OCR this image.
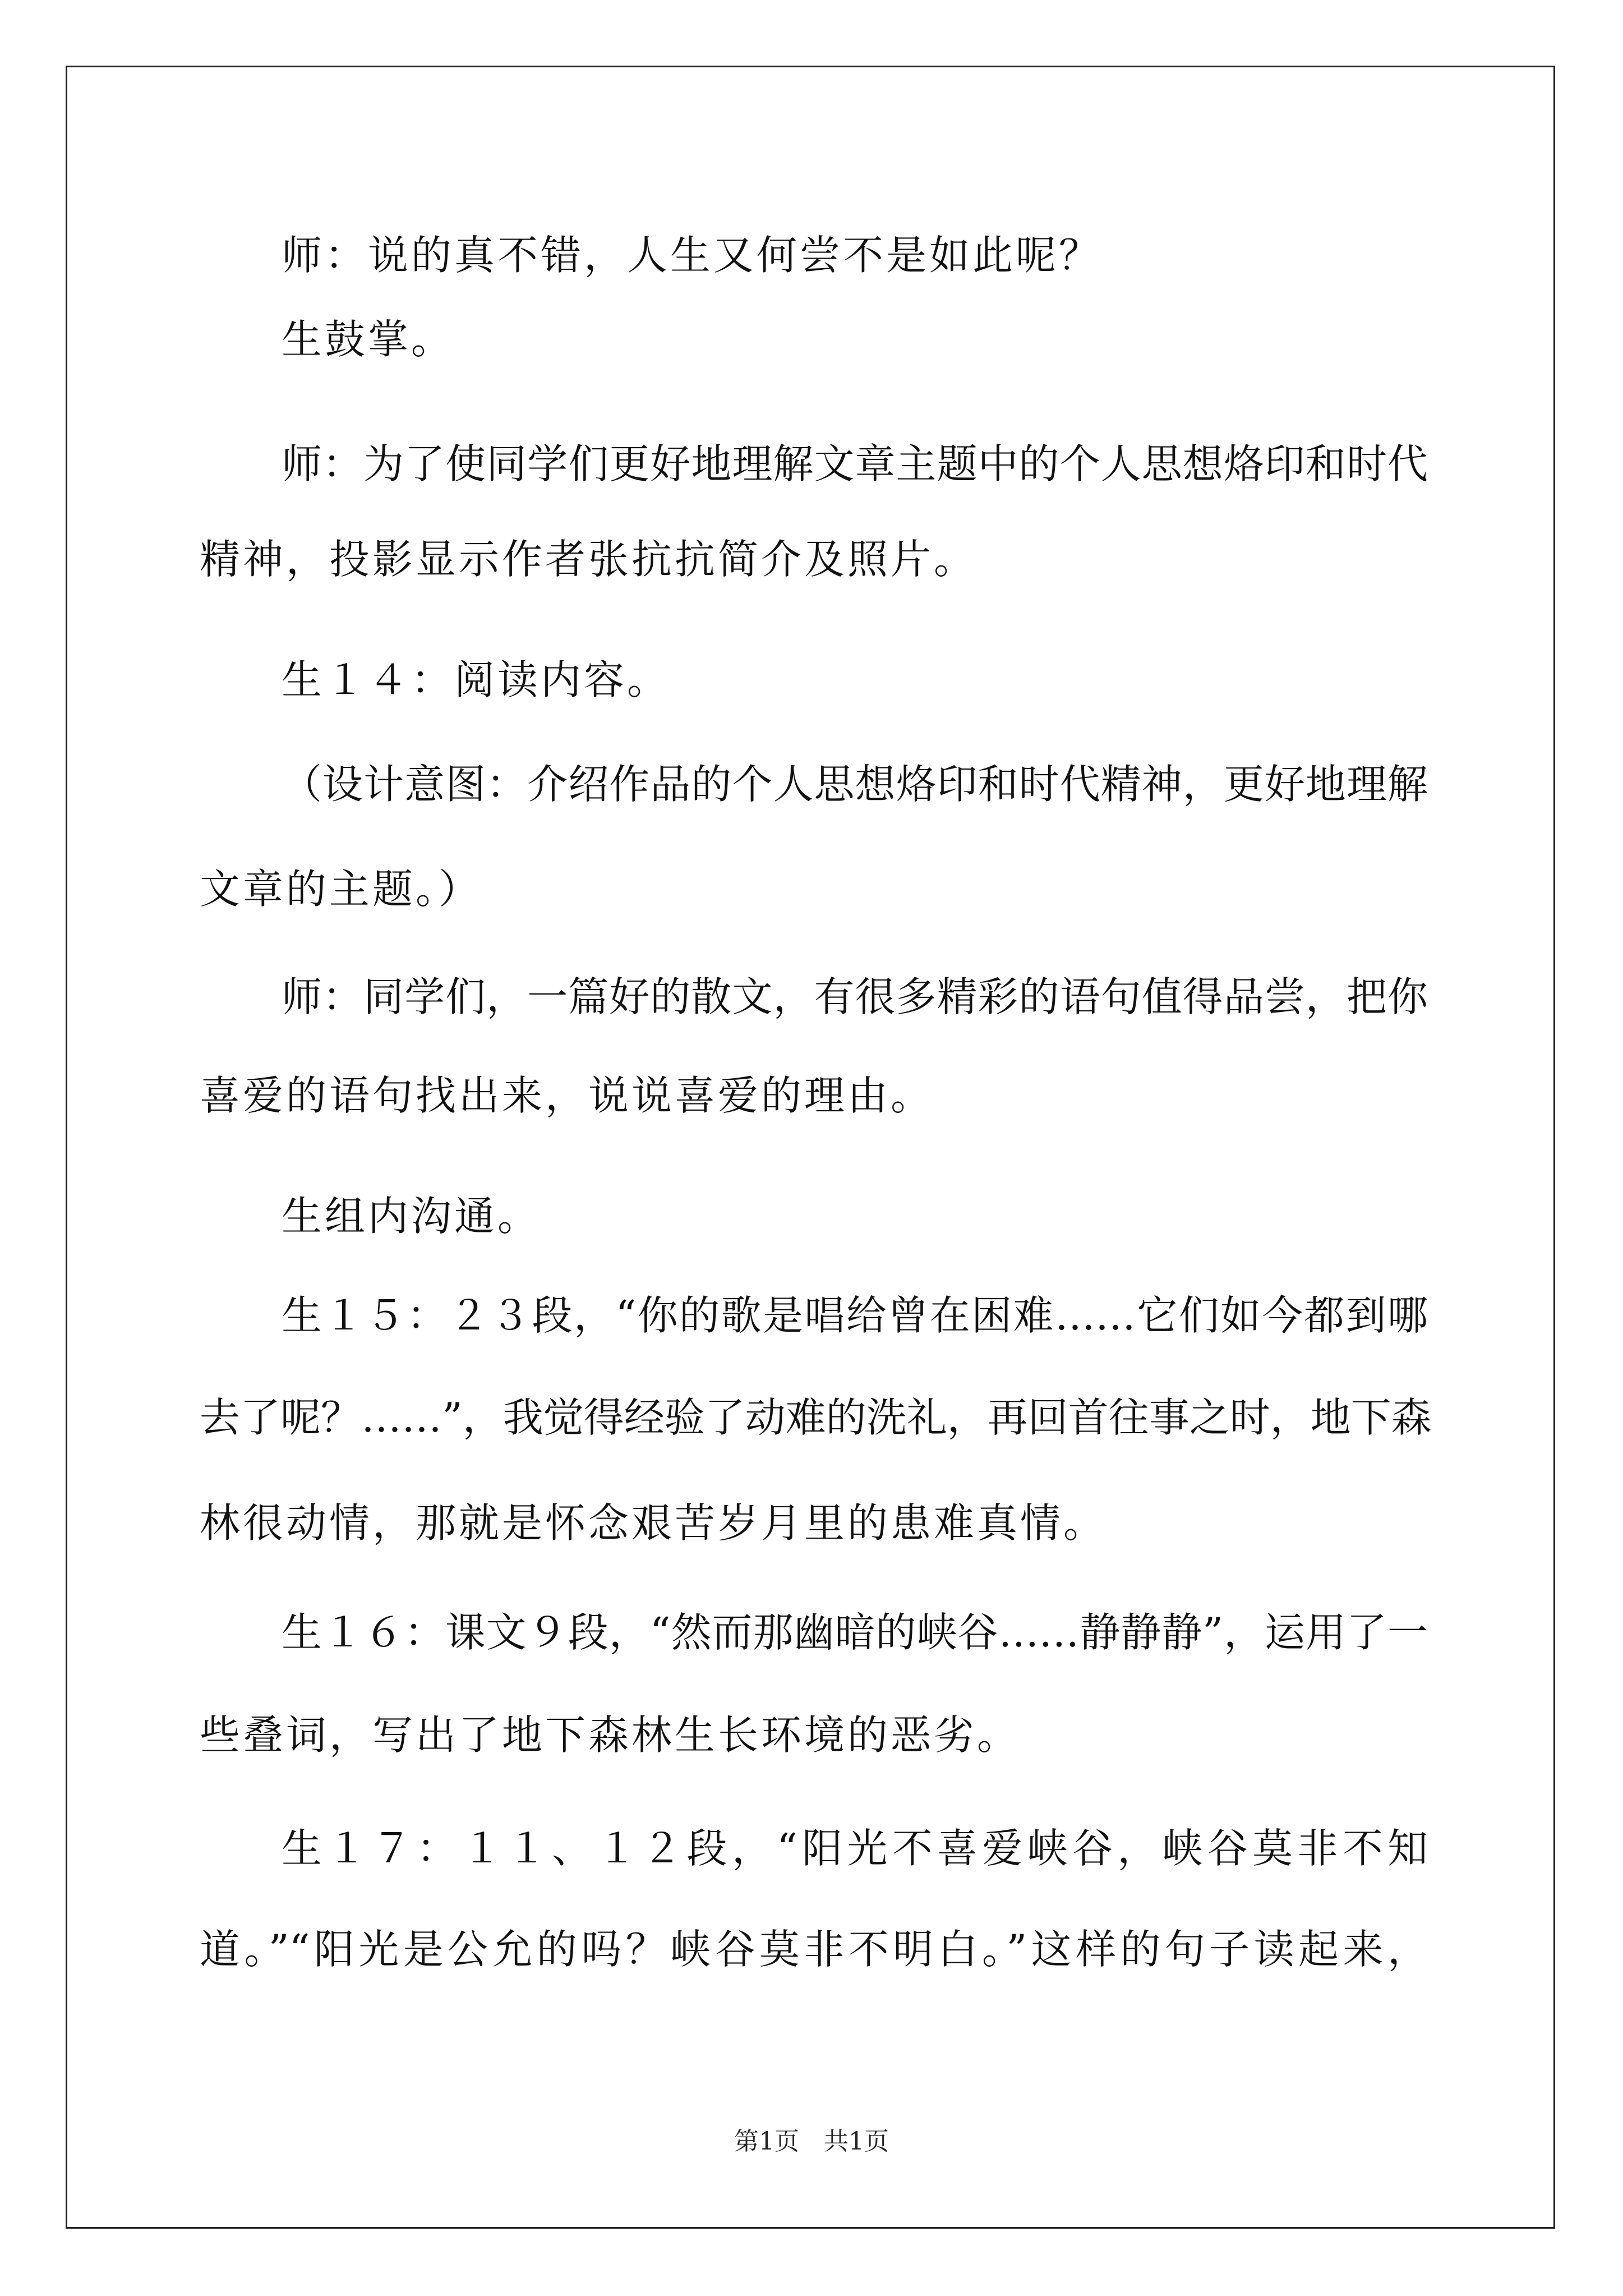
师：说的真不错，人生又何尝不是如此呢？
生鼓掌。
师：为了使同学们更好地理解文章主题中的个人思想烙印和时代
精神，投影显示作者张抗抗简介及照片。
生１４：阅读内容。
（设计意图：介绍作品的个人思想烙印和时代精神，更好地理解
文章的主题。）
师：同学们，一篇好的散文，有很多精彩的语句值得品尝，把你
喜爱的语句找出来，说说喜爱的理由。
生组内沟通。
生１５：２３段，“你的歌是唱给曾在困难……它们如今都到哪
去了呢？……”，我觉得经验了动难的洗礼，再回首往事之时，地下森
林很动情，那就是怀念艰苦岁月里的患难真情。
生１６：课文９段，“然而那幽暗的峡谷……静静静”，运用了一
些叠词，写出了地下森林生长环境的恶劣。
生１７：１１、１２段，“阳光不喜爱峡谷，峡谷莫非不知
道。”“阳光是公允的吗？峡谷莫非不明白。”这样的句子读起来，
第1页　共1页
